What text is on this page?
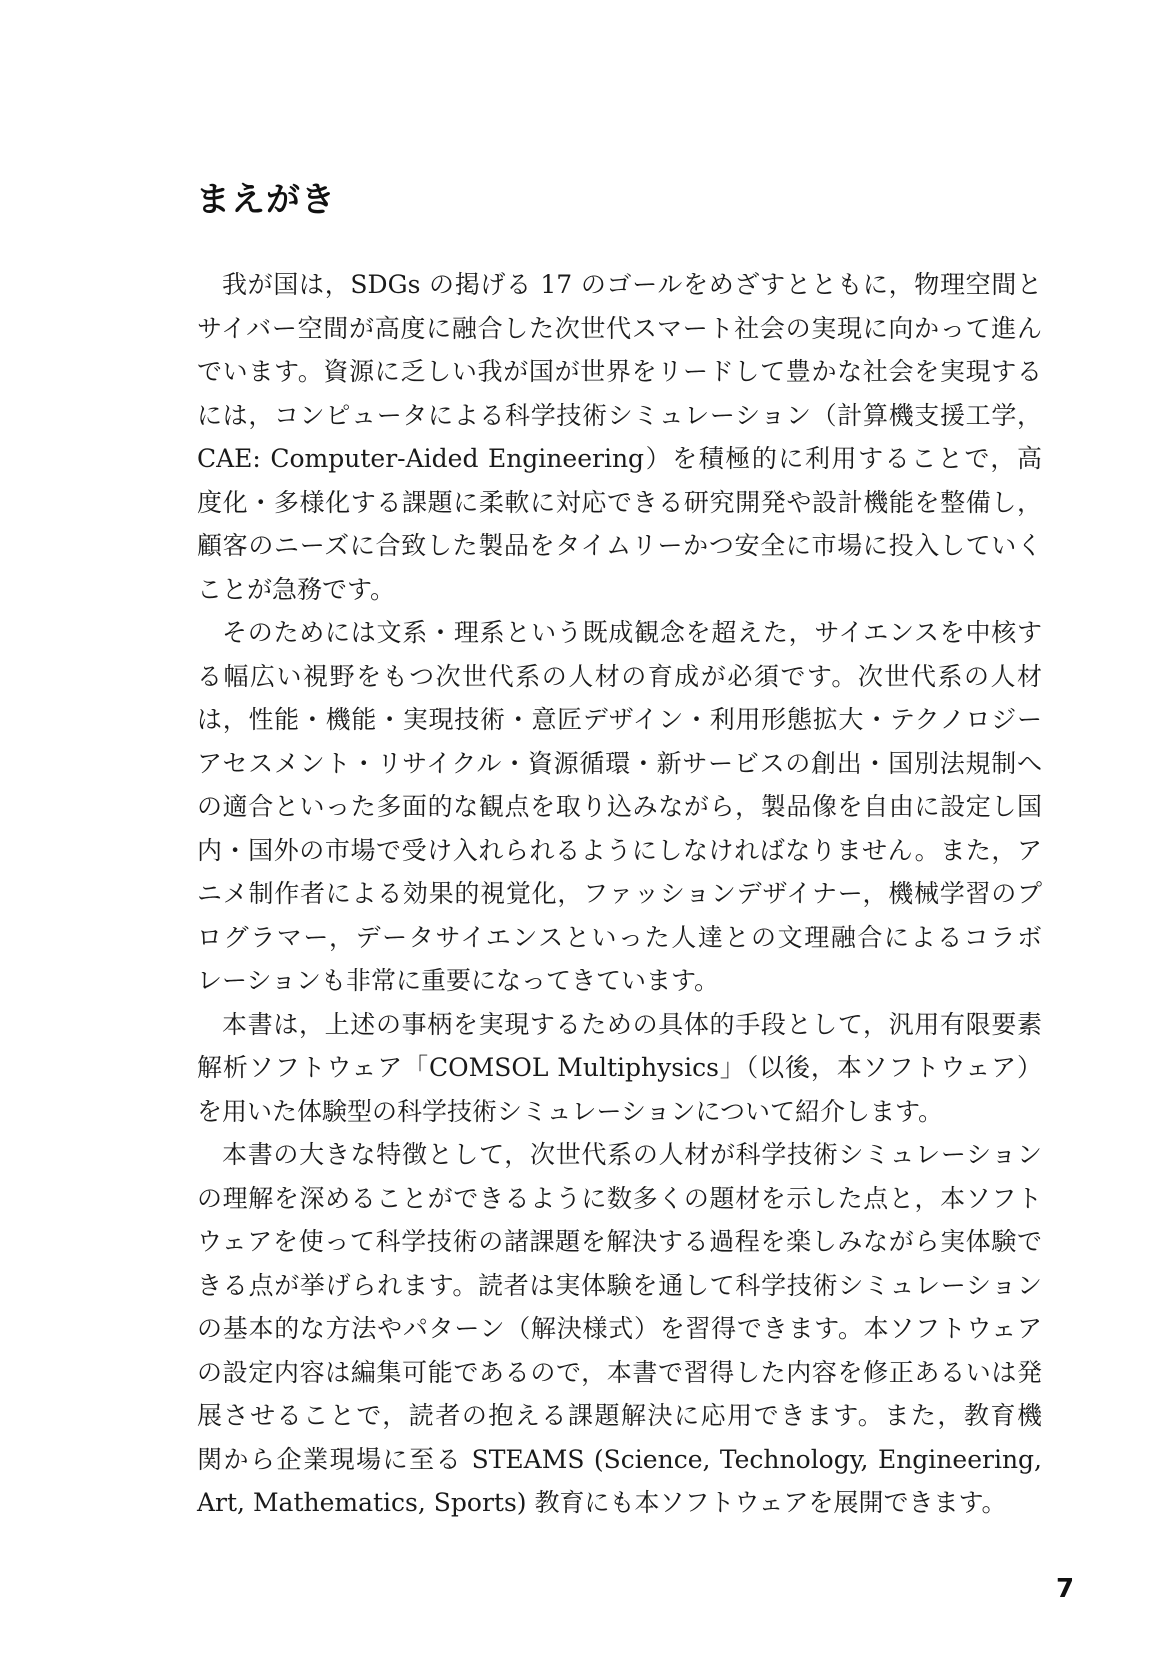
まえがき
我が国は，SDGs の掲げる 17 のゴールをめざすとともに，物理空間と
サイバー空間が高度に融合した次世代スマート社会の実現に向かって進ん
でいます。資源に乏しい我が国が世界をリードして豊かな社会を実現する
には，コンピュータによる科学技術シミュレーション（計算機支援工学，
CAE: Computer-Aided Engineering）を積極的に利用することで，高
度化・多様化する課題に柔軟に対応できる研究開発や設計機能を整備し，
顧客のニーズに合致した製品をタイムリーかつ安全に市場に投入していく
ことが急務です。
そのためには文系・理系という既成観念を超えた，サイエンスを中核す
る幅広い視野をもつ次世代系の人材の育成が必須です。次世代系の人材
は，性能・機能・実現技術・意匠デザイン・利用形態拡大・テクノロジー
アセスメント・リサイクル・資源循環・新サービスの創出・国別法規制へ
の適合といった多面的な観点を取り込みながら，製品像を自由に設定し国
内・国外の市場で受け入れられるようにしなければなりません。また，ア
ニメ制作者による効果的視覚化，ファッションデザイナー，機械学習のプ
ログラマー，データサイエンスといった人達との文理融合によるコラボ
レーションも非常に重要になってきています。
本書は，上述の事柄を実現するための具体的手段として，汎用有限要素
解析ソフトウェア「COMSOL Multiphysics」（以後，本ソフトウェア）
を用いた体験型の科学技術シミュレーションについて紹介します。
本書の大きな特徴として，次世代系の人材が科学技術シミュレーション
の理解を深めることができるように数多くの題材を示した点と，本ソフト
ウェアを使って科学技術の諸課題を解決する過程を楽しみながら実体験で
きる点が挙げられます。読者は実体験を通して科学技術シミュレーション
の基本的な方法やパターン（解決様式）を習得できます。本ソフトウェア
の設定内容は編集可能であるので，本書で習得した内容を修正あるいは発
展させることで，読者の抱える課題解決に応用できます。また，教育機
関から企業現場に至る STEAMS (Science, Technology, Engineering,
Art, Mathematics, Sports) 教育にも本ソフトウェアを展開できます。
7
